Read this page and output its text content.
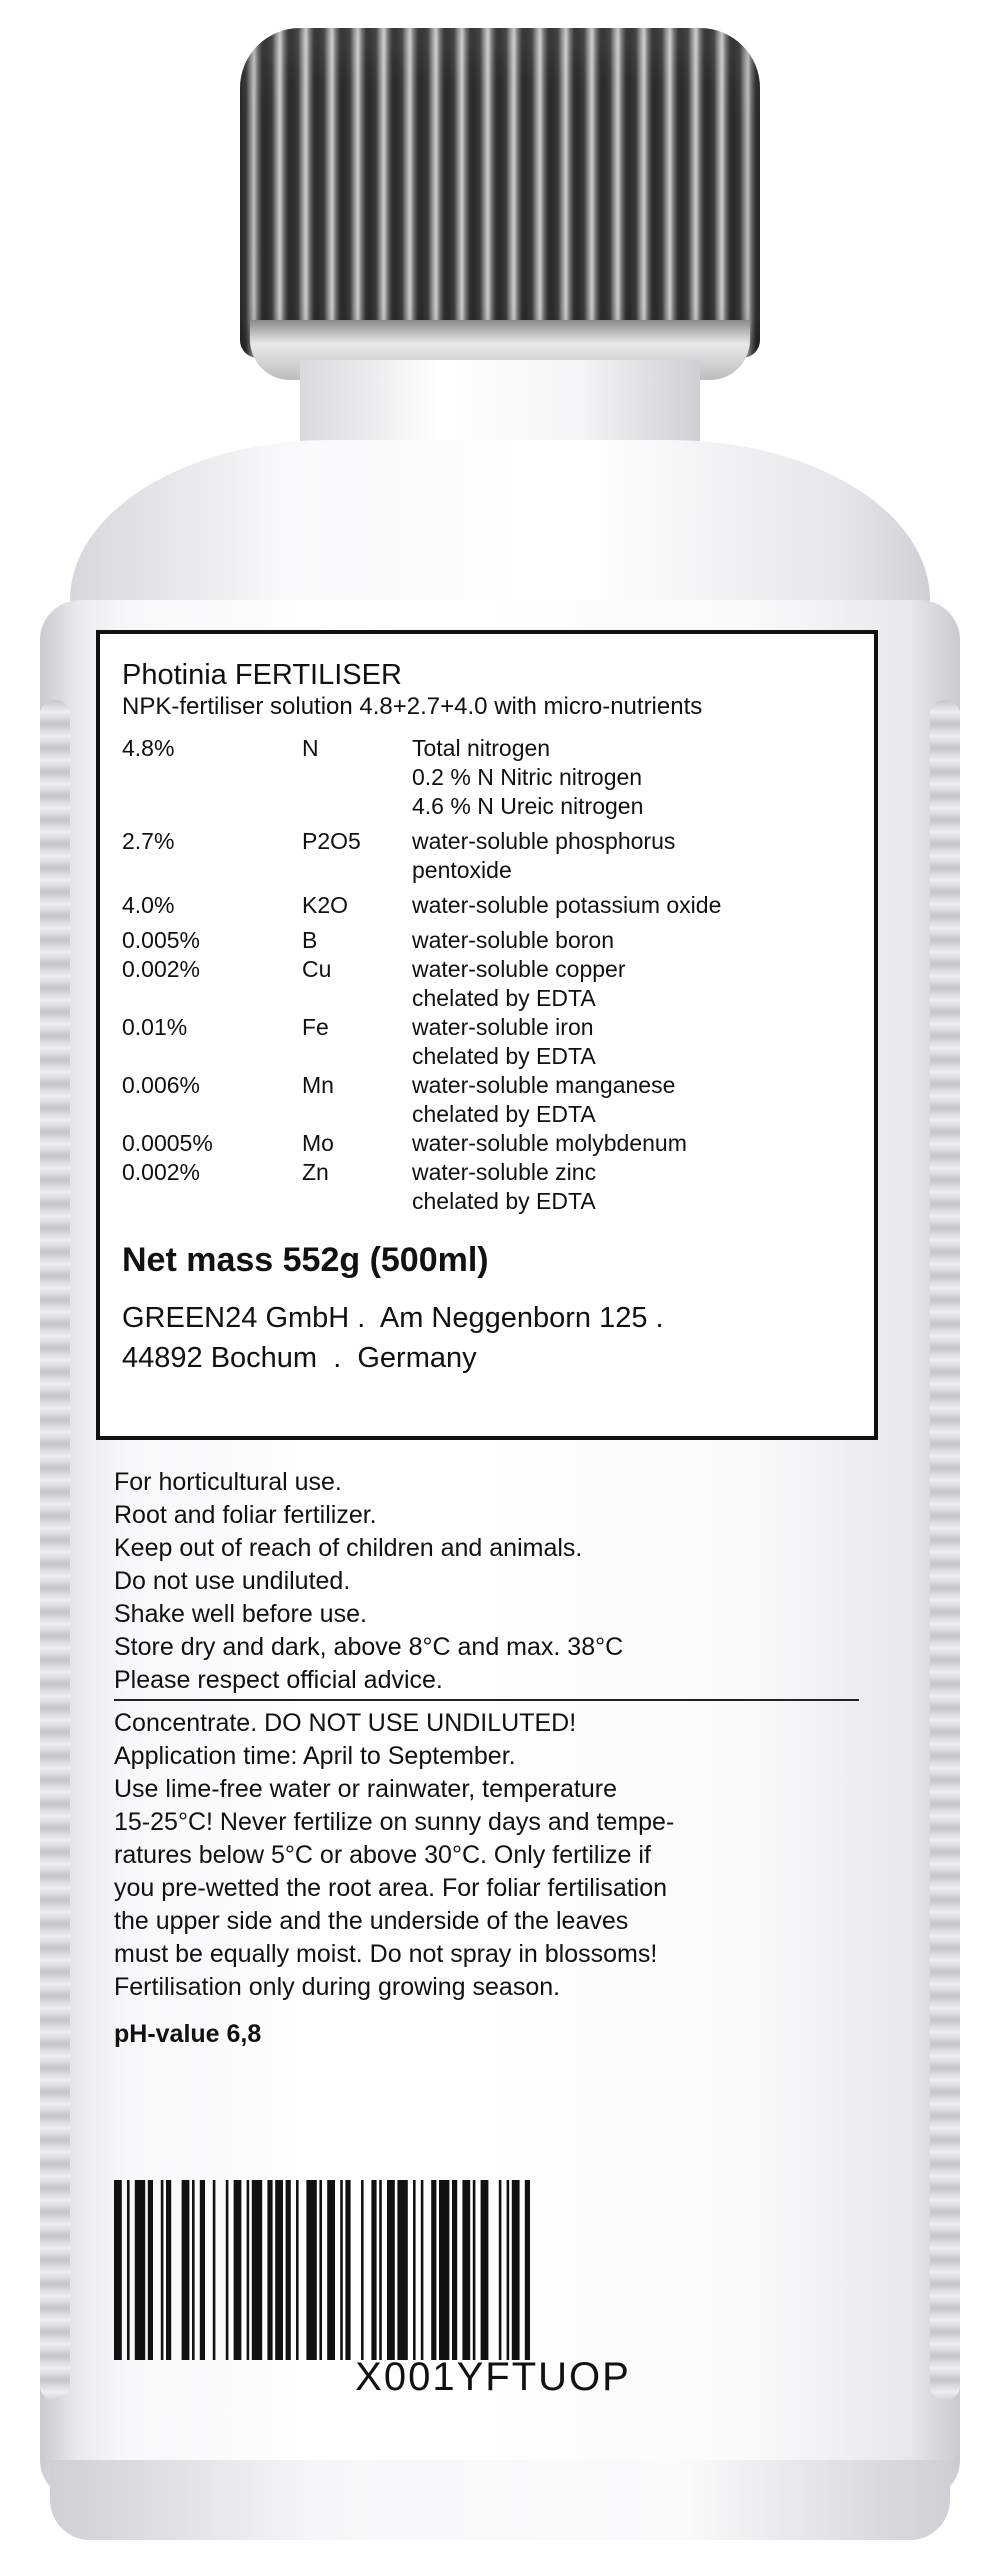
Photinia FERTILISER
NPK-fertiliser solution 4.8+2.7+4.0 with micro-nutrients
4.8%	N	Total nitrogen
0.2 % N Nitric nitrogen
4.6 % N Ureic nitrogen
2.7%	P2O5	water-soluble phosphorus
pentoxide
4.0%	K2O	water-soluble potassium oxide
0.005%	B	water-soluble boron
0.002%	Cu	water-soluble copper
chelated by EDTA
0.01%	Fe	water-soluble iron
chelated by EDTA
0.006%	Mn	water-soluble manganese
chelated by EDTA
0.0005%	Mo	water-soluble molybdenum
0.002%	Zn	water-soluble zinc
chelated by EDTA
Net mass 552g (500ml)
GREEN24 GmbH .  Am Neggenborn 125 .
44892 Bochum  .  Germany
For horticultural use.
Root and foliar fertilizer.
Keep out of reach of children and animals.
Do not use undiluted.
Shake well before use.
Store dry and dark, above 8°C and max. 38°C
Please respect official advice.
Concentrate. DO NOT USE UNDILUTED!
Application time: April to September.
Use lime-free water or rainwater, temperature
15-25°C! Never fertilize on sunny days and tempe-
ratures below 5°C or above 30°C. Only fertilize if
you pre-wetted the root area. For foliar fertilisation
the upper side and the underside of the leaves
must be equally moist. Do not spray in blossoms!
Fertilisation only during growing season.
pH-value 6,8
X001YFTUOP
